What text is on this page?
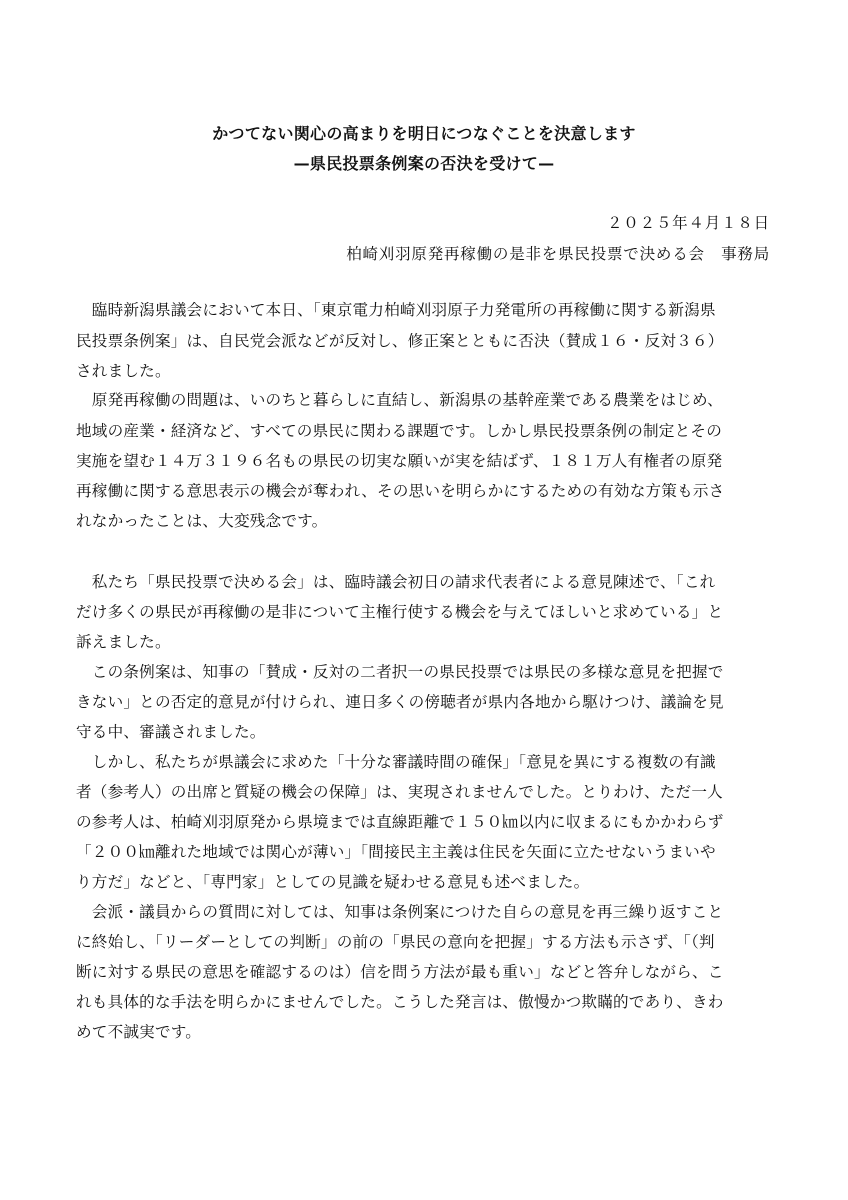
かつてない関心の高まりを明日につなぐことを決意します
—県民投票条例案の否決を受けて—
２０２５年４月１８日
柏崎刈羽原発再稼働の是非を県民投票で決める会　事務局
　臨時新潟県議会において本日、「東京電力柏崎刈羽原子力発電所の再稼働に関する新潟県
民投票条例案」は、自民党会派などが反対し、修正案とともに否決（賛成１６・反対３６）
されました。
　原発再稼働の問題は、いのちと暮らしに直結し、新潟県の基幹産業である農業をはじめ、
地域の産業・経済など、すべての県民に関わる課題です。しかし県民投票条例の制定とその
実施を望む１４万３１９６名もの県民の切実な願いが実を結ばず、１８１万人有権者の原発
再稼働に関する意思表示の機会が奪われ、その思いを明らかにするための有効な方策も示さ
れなかったことは、大変残念です。
　私たち「県民投票で決める会」は、臨時議会初日の請求代表者による意見陳述で、「これ
だけ多くの県民が再稼働の是非について主権行使する機会を与えてほしいと求めている」と
訴えました。
　この条例案は、知事の「賛成・反対の二者択一の県民投票では県民の多様な意見を把握で
きない」との否定的意見が付けられ、連日多くの傍聴者が県内各地から駆けつけ、議論を見
守る中、審議されました。
　しかし、私たちが県議会に求めた「十分な審議時間の確保」「意見を異にする複数の有識
者（参考人）の出席と質疑の機会の保障」は、実現されませんでした。とりわけ、ただ一人
の参考人は、柏崎刈羽原発から県境までは直線距離で１５０㎞以内に収まるにもかかわらず
「２００㎞離れた地域では関心が薄い」「間接民主主義は住民を矢面に立たせないうまいや
り方だ」などと、「専門家」としての見識を疑わせる意見も述べました。
　会派・議員からの質問に対しては、知事は条例案につけた自らの意見を再三繰り返すこと
に終始し、「リーダーとしての判断」の前の「県民の意向を把握」する方法も示さず、「（判
断に対する県民の意思を確認するのは）信を問う方法が最も重い」などと答弁しながら、こ
れも具体的な手法を明らかにませんでした。こうした発言は、傲慢かつ欺瞞的であり、きわ
めて不誠実です。
